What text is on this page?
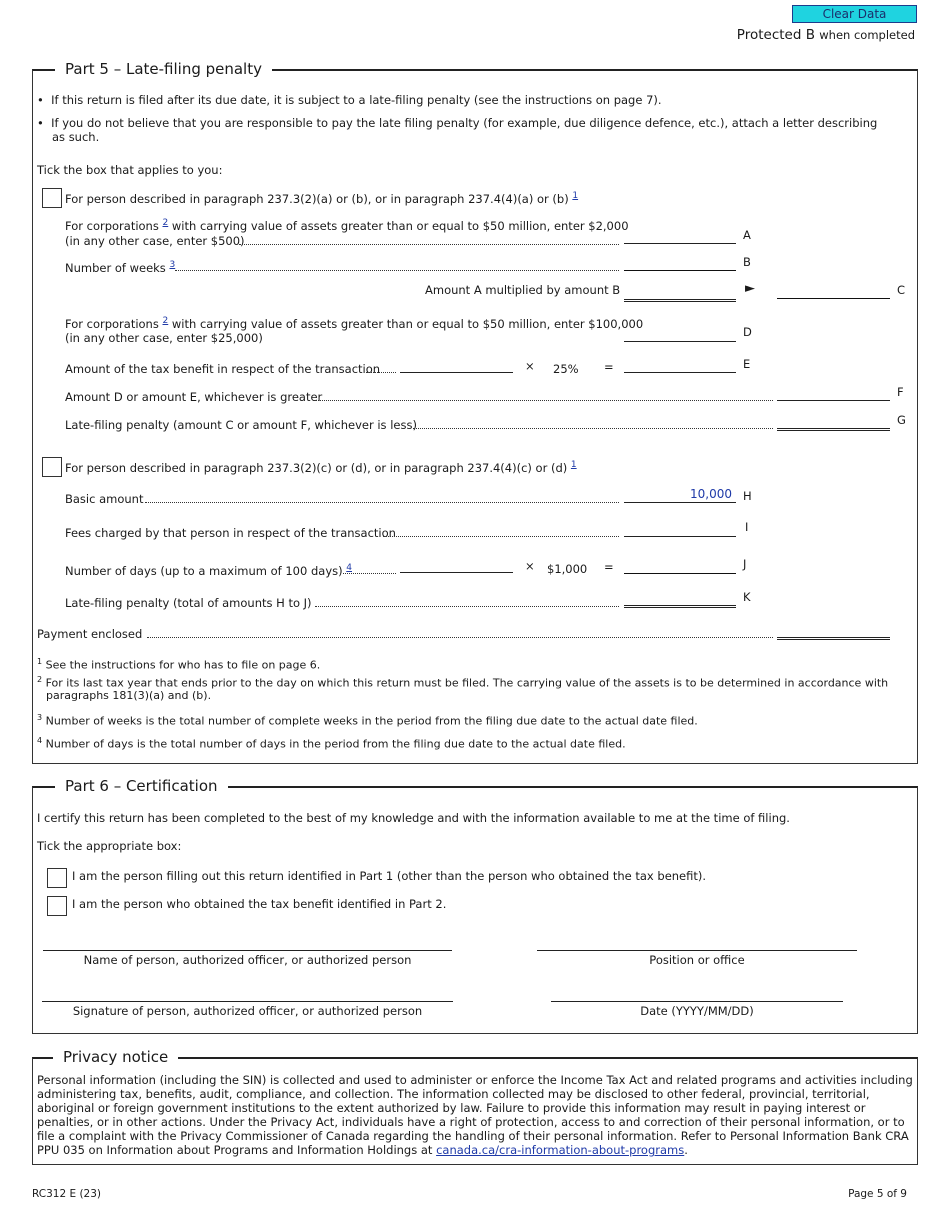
Clear Data
Protected B when completed
Part 5 – Late-filing penalty
•  If this return is filed after its due date, it is subject to a late-filing penalty (see the instructions on page 7).
•  If you do not believe that you are responsible to pay the late filing penalty (for example, due diligence defence, etc.), attach a letter describing
as such.
Tick the box that applies to you:
For person described in paragraph 237.3(2)(a) or (b), or in paragraph 237.4(4)(a) or (b) $^1$
For corporations $^2$ with carrying value of assets greater than or equal to $50 million, enter $2,000
(in any other case, enter $500)	A
Number of weeks $^3$	B
Amount A multiplied by amount B	►	C
For corporations $^2$ with carrying value of assets greater than or equal to $50 million, enter $100,000
(in any other case, enter $25,000)	D
Amount of the tax benefit in respect of the transaction	× 25% =	E
Amount D or amount E, whichever is greater	F
Late-filing penalty (amount C or amount F, whichever is less)	G
For person described in paragraph 237.3(2)(c) or (d), or in paragraph 237.4(4)(c) or (d) $^1$
Basic amount	10,000 H
Fees charged by that person in respect of the transaction	I
Number of days (up to a maximum of 100 days) $^4$	× $1,000 =	J
Late-filing penalty (total of amounts H to J)	K
Payment enclosed
$^1$ See the instructions for who has to file on page 6.
$^2$ For its last tax year that ends prior to the day on which this return must be filed. The carrying value of the assets is to be determined in accordance with
paragraphs 181(3)(a) and (b).
$^3$ Number of weeks is the total number of complete weeks in the period from the filing due date to the actual date filed.
$^4$ Number of days is the total number of days in the period from the filing due date to the actual date filed.
Part 6 – Certification
I certify this return has been completed to the best of my knowledge and with the information available to me at the time of filing.
Tick the appropriate box:
I am the person filling out this return identified in Part 1 (other than the person who obtained the tax benefit).
I am the person who obtained the tax benefit identified in Part 2.
Name of person, authorized officer, or authorized person	Position or office
Signature of person, authorized officer, or authorized person	Date (YYYY/MM/DD)
Privacy notice
Personal information (including the SIN) is collected and used to administer or enforce the Income Tax Act and related programs and activities including administering tax, benefits, audit, compliance, and collection. The information collected may be disclosed to other federal, provincial, territorial, aboriginal or foreign government institutions to the extent authorized by law. Failure to provide this information may result in paying interest or penalties, or in other actions. Under the Privacy Act, individuals have a right of protection, access to and correction of their personal information, or to file a complaint with the Privacy Commissioner of Canada regarding the handling of their personal information. Refer to Personal Information Bank CRA PPU 035 on Information about Programs and Information Holdings at canada.ca/cra-information-about-programs.
RC312 E (23)	Page 5 of 9
